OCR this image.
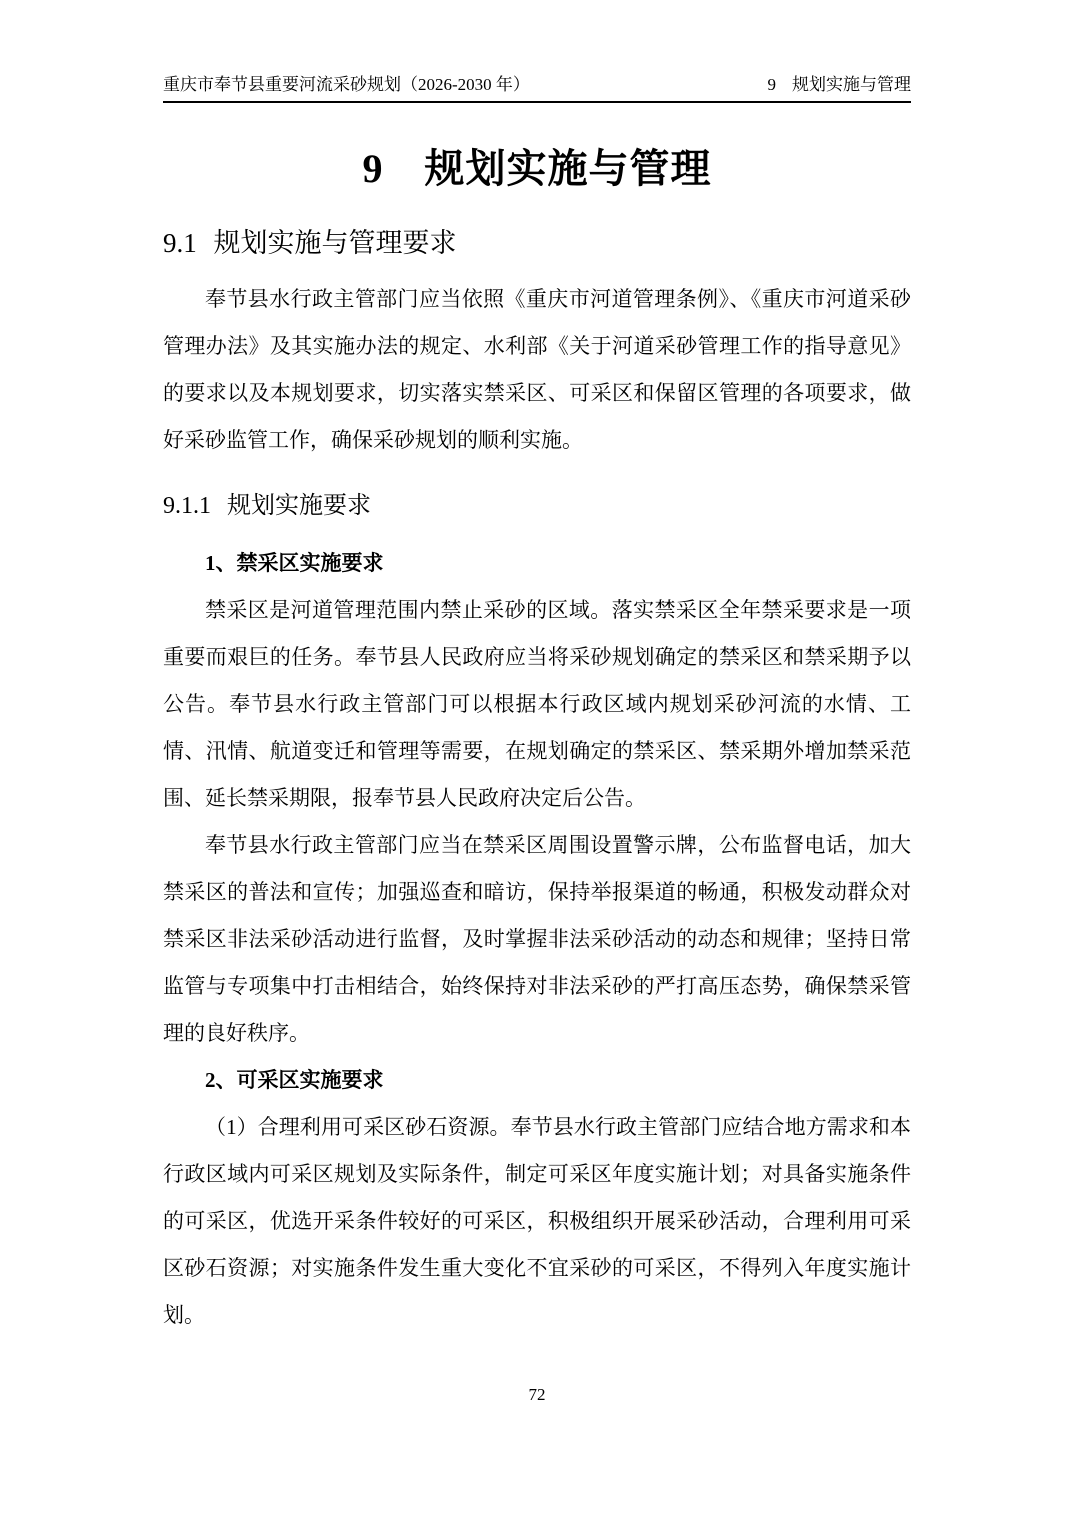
重庆市奉节县重要河流采砂规划（2026-2030 年）	9 规划实施与管理
9 规划实施与管理
9.1 规划实施与管理要求

奉节县水行政主管部门应当依照《重庆市河道管理条例》、《重庆市河道采砂管理办法》及其实施办法的规定、水利部《关于河道采砂管理工作的指导意见》的要求以及本规划要求，切实落实禁采区、可采区和保留区管理的各项要求，做好采砂监管工作，确保采砂规划的顺利实施。

9.1.1 规划实施要求

1、禁采区实施要求

禁采区是河道管理范围内禁止采砂的区域。落实禁采区全年禁采要求是一项重要而艰巨的任务。奉节县人民政府应当将采砂规划确定的禁采区和禁采期予以公告。奉节县水行政主管部门可以根据本行政区域内规划采砂河流的水情、工情、汛情、航道变迁和管理等需要，在规划确定的禁采区、禁采期外增加禁采范围、延长禁采期限，报奉节县人民政府决定后公告。

奉节县水行政主管部门应当在禁采区周围设置警示牌，公布监督电话，加大禁采区的普法和宣传；加强巡查和暗访，保持举报渠道的畅通，积极发动群众对禁采区非法采砂活动进行监督，及时掌握非法采砂活动的动态和规律；坚持日常监管与专项集中打击相结合，始终保持对非法采砂的严打高压态势，确保禁采管理的良好秩序。

2、可采区实施要求

（1）合理利用可采区砂石资源。奉节县水行政主管部门应结合地方需求和本行政区域内可采区规划及实际条件，制定可采区年度实施计划；对具备实施条件的可采区，优选开采条件较好的可采区，积极组织开展采砂活动，合理利用可采区砂石资源；对实施条件发生重大变化不宜采砂的可采区，不得列入年度实施计划。

72
